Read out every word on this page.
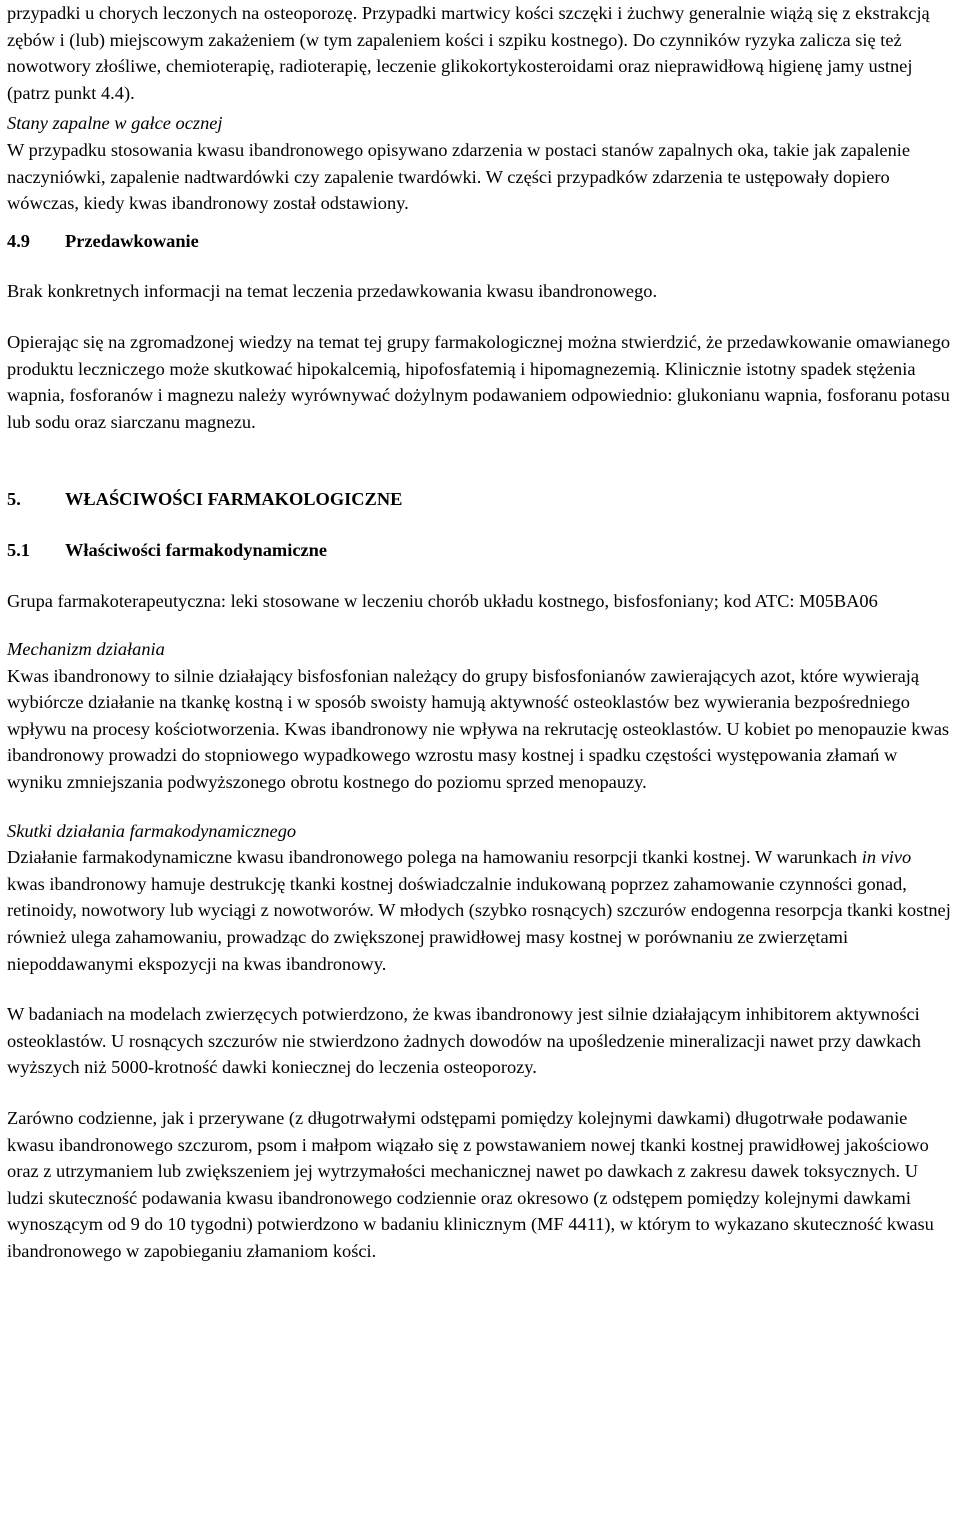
przypadki u chorych leczonych na osteoporozę. Przypadki martwicy kości szczęki i żuchwy generalnie wiążą się z ekstrakcją zębów i (lub) miejscowym zakażeniem (w tym zapaleniem kości i szpiku kostnego). Do czynników ryzyka zalicza się też nowotwory złośliwe, chemioterapię, radioterapię, leczenie glikokortykosteroidami oraz nieprawidłową higienę jamy ustnej (patrz punkt 4.4).

Stany zapalne w gałce ocznej

W przypadku stosowania kwasu ibandronowego opisywano zdarzenia w postaci stanów zapalnych oka, takie jak zapalenie naczyniówki, zapalenie nadtwardówki czy zapalenie twardówki. W części przypadków zdarzenia te ustępowały dopiero wówczas, kiedy kwas ibandronowy został odstawiony.

4.9 Przedawkowanie

Brak konkretnych informacji na temat leczenia przedawkowania kwasu ibandronowego.

Opierając się na zgromadzonej wiedzy na temat tej grupy farmakologicznej można stwierdzić, że przedawkowanie omawianego produktu leczniczego może skutkować hipokalcemią, hipofosfatemią i hipomagnezemią. Klinicznie istotny spadek stężenia wapnia, fosforanów i magnezu należy wyrównywać dożylnym podawaniem odpowiednio: glukonianu wapnia, fosforanu potasu lub sodu oraz siarczanu magnezu.

5. WŁAŚCIWOŚCI FARMAKOLOGICZNE

5.1 Właściwości farmakodynamiczne

Grupa farmakoterapeutyczna: leki stosowane w leczeniu chorób układu kostnego, bisfosfoniany; kod ATC: M05BA06

Mechanizm działania

Kwas ibandronowy to silnie działający bisfosfonian należący do grupy bisfosfonianów zawierających azot, które wywierają wybiórcze działanie na tkankę kostną i w sposób swoisty hamują aktywność osteoklastów bez wywierania bezpośredniego wpływu na procesy kościotworzenia. Kwas ibandronowy nie wpływa na rekrutację osteoklastów. U kobiet po menopauzie kwas ibandronowy prowadzi do stopniowego wypadkowego wzrostu masy kostnej i spadku częstości występowania złamań w wyniku zmniejszania podwyższonego obrotu kostnego do poziomu sprzed menopauzy.

Skutki działania farmakodynamicznego

Działanie farmakodynamiczne kwasu ibandronowego polega na hamowaniu resorpcji tkanki kostnej. W warunkach in vivo kwas ibandronowy hamuje destrukcję tkanki kostnej doświadczalnie indukowaną poprzez zahamowanie czynności gonad, retinoidy, nowotwory lub wyciągi z nowotworów. W młodych (szybko rosnących) szczurów endogenna resorpcja tkanki kostnej również ulega zahamowaniu, prowadząc do zwiększonej prawidłowej masy kostnej w porównaniu ze zwierzętami niepoddawanymi ekspozycji na kwas ibandronowy.

W badaniach na modelach zwierzęcych potwierdzono, że kwas ibandronowy jest silnie działającym inhibitorem aktywności osteoklastów. U rosnących szczurów nie stwierdzono żadnych dowodów na upośledzenie mineralizacji nawet przy dawkach wyższych niż 5000-krotność dawki koniecznej do leczenia osteoporozy.

Zarówno codzienne, jak i przerywane (z długotrwałymi odstępami pomiędzy kolejnymi dawkami) długotrwałe podawanie kwasu ibandronowego szczurom, psom i małpom wiązało się z powstawaniem nowej tkanki kostnej prawidłowej jakościowo oraz z utrzymaniem lub zwiększeniem jej wytrzymałości mechanicznej nawet po dawkach z zakresu dawek toksycznych. U ludzi skuteczność podawania kwasu ibandronowego codziennie oraz okresowo (z odstępem pomiędzy kolejnymi dawkami wynoszącym od 9 do 10 tygodni) potwierdzono w badaniu klinicznym (MF 4411), w którym to wykazano skuteczność kwasu ibandronowego w zapobieganiu złamaniom kości.
